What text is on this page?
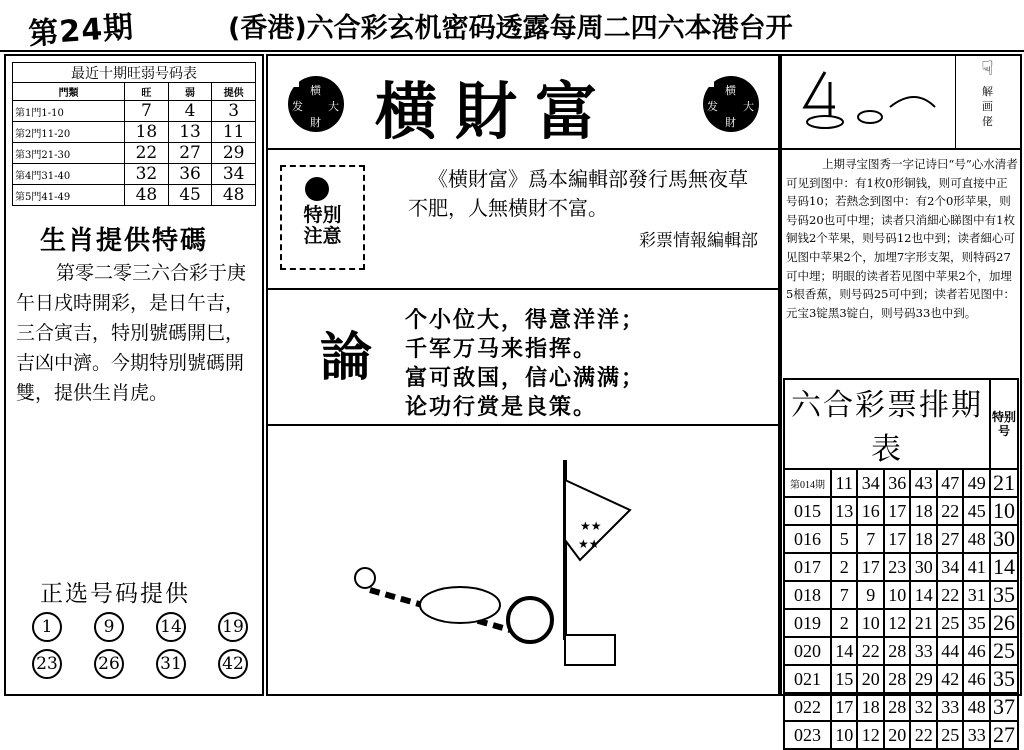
第24期	(香港)六合彩玄机密码透露每周二四六本港台开
最近十期旺弱号码表
門類	旺	弱	提供
第1門1-10	7	4	3
第2門11-20	18	13	11
第3門21-30	22	27	29
第4門31-40	32	36	34
第5門41-49	48	45	48
生肖提供特碼
第零二零三六合彩于庚午日戌時開彩，是日午吉，三合寅吉，特別號碼開巳，吉凶中濟。今期特別號碼開雙，提供生肖虎。
正选号码提供
1	9	14 19
23 26 31 42
横
大
財
发 横財富	横
大
財
发
特別注意
《横財富》爲本編輯部發行馬無夜草不肥，人無横財不富。
彩票情報編輯部
論
个小位大，得意洋洋；
千军万马来指挥。
富可敌国，信心满满；
论功行赏是良策。
★★
★★
☟
解画佬
上期寻宝图秀一字记诗曰“号”心水清者可见到图中：有1枚0形铜钱，则可直接中正号码10；若熱念到图中：有2个0形苹果，则号码20也可中埋；读者只消細心睇图中有1枚铜钱2个苹果，则号码12也中到；读者細心可见图中苹果2个，加埋7字形支架，则特码27可中埋；明眼的读者若见图中苹果2个，加埋5根香蕉，则号码25可中到；读者若见图中：元宝3锭黑3锭白，则号码33也中到。
六合彩票排期表							特别号
第014期	11	34	36	43	47	49	21
015	13	16	17	18	22	45	10
016	5	7	17	18	27	48	30
017	2	17	23	30	34	41	14
018	7	9	10	14	22	31	35
019	2	10	12	21	25	35	26
020	14	22	28	33	44	46	25
021	15	20	28	29	42	46	35
022	17	18	28	32	33	48	37
023	10	12	20	22	25	33	27
